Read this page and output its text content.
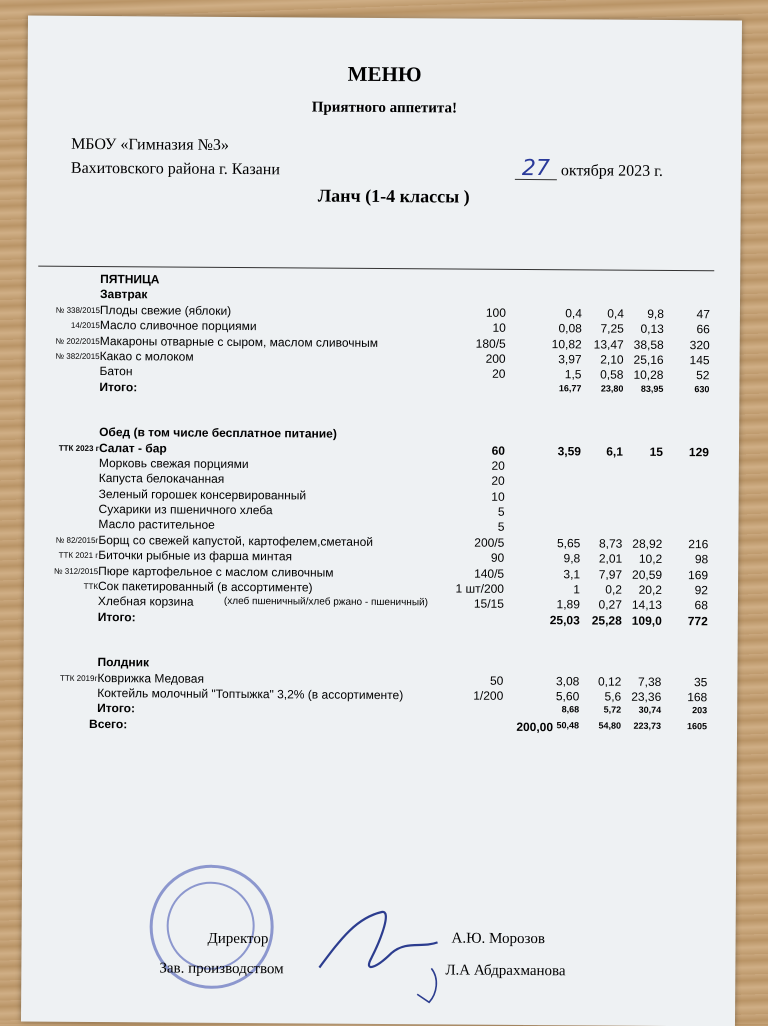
МЕНЮ
Приятного аппетита!
МБОУ «Гимназия №3»
Вахитовского района г. Казани	27 октября 2023 г.
Ланч (1-4 классы )
ПЯТНИЦА
Завтрак
№ 338/2015 Плоды свежие (яблоки)	100	0,4	0,4	9,8	47
14/2015 Масло сливочное порциями	10	0,08	7,25	0,13	66
№ 202/2015 Макароны отварные с сыром, маслом сливочным	180/5	10,82 13,47 38,58	320
№ 382/2015 Какао с молоком	200	3,97	2,10 25,16	145
Батон	20	1,5	0,58 10,28	52
Итого:	16,77	23,80	83,95	630
Обед (в том числе бесплатное питание)
ТТК 2023 г Салат - бар	60	3,59	6,1	15	129
Морковь свежая порциями	20
Капуста белокачанная	20
Зеленый горошек консервированный	10
Сухарики из пшеничного хлеба	5
Масло растительное	5
№ 82/2015г Борщ со свежей капустой, картофелем,сметаной	200/5	5,65	8,73 28,92	216
ТТК 2021 г Биточки рыбные из фарша минтая	90	9,8	2,01	10,2	98
№ 312/2015 Пюре картофельное с маслом сливочным	140/5	3,1	7,97 20,59	169
ТТК Сок пакетированный (в ассортименте)	1 шт/200	1	0,2	20,2	92
Хлебная корзина	(хлеб пшеничный/хлеб ржано - пшеничный)	15/15	1,89	0,27 14,13	68
Итого:	25,03 25,28 109,0	772
Полдник
ТТК 2019г Коврижка Медовая	50	3,08	0,12	7,38	35
Коктейль молочный "Топтыжка" 3,2% (в ассортименте)	1/200	5,60	5,6 23,36	168
Итого:	8,68	5,72	30,74	203
Всего:	200,00 50,48	54,80	223,73	1605
Директор	А.Ю. Морозов
Зав. производством	Л.А Абдрахманова
